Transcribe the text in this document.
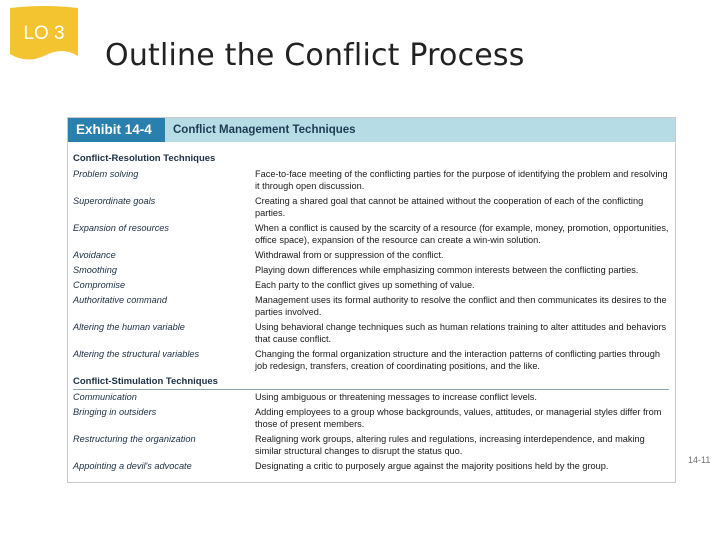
LO 3
Outline the Conflict Process
Exhibit 14-4	Conflict Management Techniques
Conflict-Resolution Techniques
Problem solving	Face-to-face meeting of the conflicting parties for the purpose of identifying the problem and resolving it through open discussion.
Superordinate goals	Creating a shared goal that cannot be attained without the cooperation of each of the conflicting parties.
Expansion of resources	When a conflict is caused by the scarcity of a resource (for example, money, promotion, opportunities, office space), expansion of the resource can create a win-win solution.
Avoidance	Withdrawal from or suppression of the conflict.
Smoothing	Playing down differences while emphasizing common interests between the conflicting parties.
Compromise	Each party to the conflict gives up something of value.
Authoritative command	Management uses its formal authority to resolve the conflict and then communicates its desires to the parties involved.
Altering the human variable	Using behavioral change techniques such as human relations training to alter attitudes and behaviors that cause conflict.
Altering the structural variables	Changing the formal organization structure and the interaction patterns of conflicting parties through job redesign, transfers, creation of coordinating positions, and the like.
Conflict-Stimulation Techniques
Communication	Using ambiguous or threatening messages to increase conflict levels.
Bringing in outsiders	Adding employees to a group whose backgrounds, values, attitudes, or managerial styles differ from those of present members.
Restructuring the organization	Realigning work groups, altering rules and regulations, increasing interdependence, and making similar structural changes to disrupt the status quo.
Appointing a devil's advocate	Designating a critic to purposely argue against the majority positions held by the group.
14-11
